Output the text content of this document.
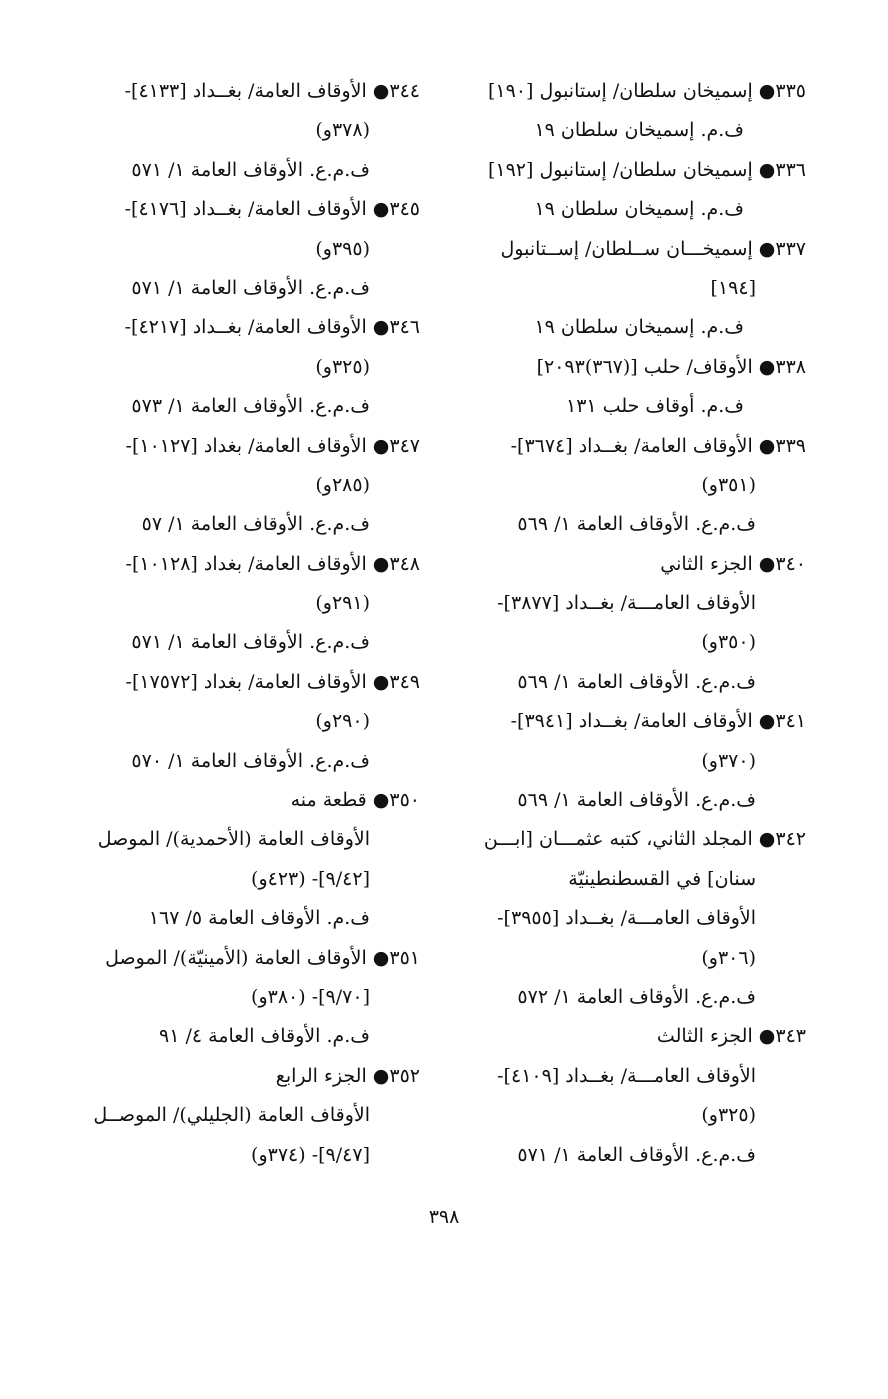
٣٣٥● إسميخان سلطان/ إستانبول [١٩٠]
ف.م. إسميخان سلطان ١٩
٣٣٦● إسميخان سلطان/ إستانبول [١٩٢]
ف.م. إسميخان سلطان ١٩
٣٣٧● إسميخـــان ســلطان/ إســتانبول
[١٩٤]
ف.م. إسميخان سلطان ١٩
٣٣٨● الأوقاف/ حلب [(٣٦٧)٢٠٩٣]
ف.م. أوقاف حلب ١٣١
٣٣٩● الأوقاف العامة/ بغــداد [٣٦٧٤]-
(٣٥١و)
ف.م.ع. الأوقاف العامة ١/ ٥٦٩
٣٤٠● الجزء الثاني
الأوقاف العامـــة/ بغــداد [٣٨٧٧]-
(٣٥٠و)
ف.م.ع. الأوقاف العامة ١/ ٥٦٩
٣٤١● الأوقاف العامة/ بغــداد [٣٩٤١]-
(٣٧٠و)
ف.م.ع. الأوقاف العامة ١/ ٥٦٩
٣٤٢● المجلد الثاني، كتبه عثمـــان [ابـــن
سنان] في القسطنطينيّة
الأوقاف العامـــة/ بغــداد [٣٩٥٥]-
(٣٠٦و)
ف.م.ع. الأوقاف العامة ١/ ٥٧٢
٣٤٣● الجزء الثالث
الأوقاف العامـــة/ بغــداد [٤١٠٩]-
(٣٢٥و)
ف.م.ع. الأوقاف العامة ١/ ٥٧١
٣٤٤● الأوقاف العامة/ بغــداد [٤١٣٣]-
(٣٧٨و)
ف.م.ع. الأوقاف العامة ١/ ٥٧١
٣٤٥● الأوقاف العامة/ بغــداد [٤١٧٦]-
(٣٩٥و)
ف.م.ع. الأوقاف العامة ١/ ٥٧١
٣٤٦● الأوقاف العامة/ بغــداد [٤٢١٧]-
(٣٢٥و)
ف.م.ع. الأوقاف العامة ١/ ٥٧٣
٣٤٧● الأوقاف العامة/ بغداد [١٠١٢٧]-
(٢٨٥و)
ف.م.ع. الأوقاف العامة ١/ ٥٧
٣٤٨● الأوقاف العامة/ بغداد [١٠١٢٨]-
(٢٩١و)
ف.م.ع. الأوقاف العامة ١/ ٥٧١
٣٤٩● الأوقاف العامة/ بغداد [١٧٥٧٢]-
(٢٩٠و)
ف.م.ع. الأوقاف العامة ١/ ٥٧٠
٣٥٠● قطعة منه
الأوقاف العامة (الأحمدية)/ الموصل
[٩/٤٢]- (٤٢٣و)
ف.م. الأوقاف العامة ٥/ ١٦٧
٣٥١● الأوقاف العامة (الأمينيّة)/ الموصل
[٩/٧٠]- (٣٨٠و)
ف.م. الأوقاف العامة ٤/ ٩١
٣٥٢● الجزء الرابع
الأوقاف العامة (الجليلي)/ الموصــل
[٩/٤٧]- (٣٧٤و)
٣٩٨
